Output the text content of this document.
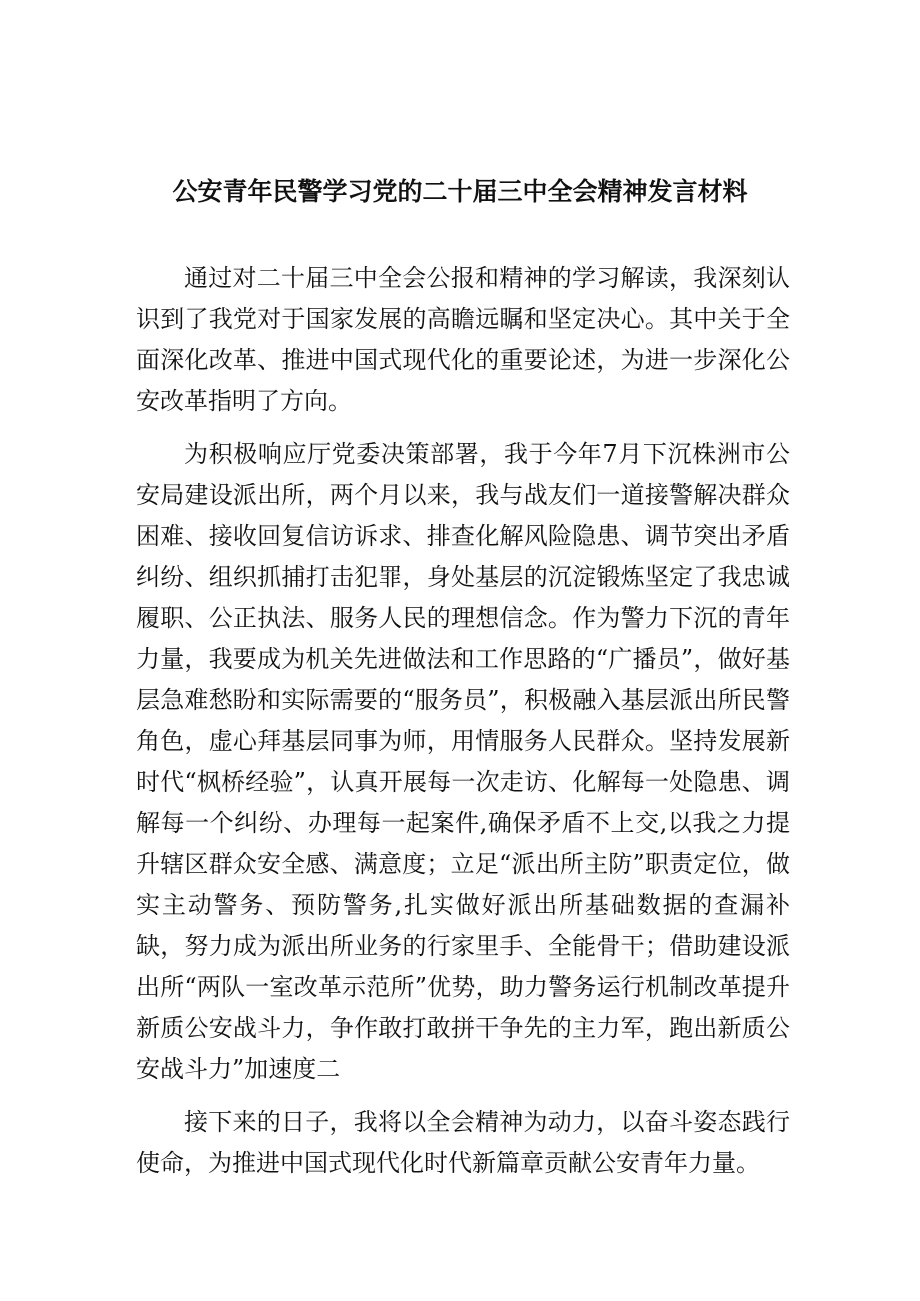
公安青年民警学习党的二十届三中全会精神发言材料

通过对二十届三中全会公报和精神的学习解读，我深刻认识到了我党对于国家发展的高瞻远瞩和坚定决心。其中关于全面深化改革、推进中国式现代化的重要论述，为进一步深化公安改革指明了方向。

为积极响应厅党委决策部署，我于今年7月下沉株洲市公安局建设派出所，两个月以来，我与战友们一道接警解决群众困难、接收回复信访诉求、排查化解风险隐患、调节突出矛盾纠纷、组织抓捕打击犯罪，身处基层的沉淀锻炼坚定了我忠诚履职、公正执法、服务人民的理想信念。作为警力下沉的青年力量，我要成为机关先进做法和工作思路的“广播员”，做好基层急难愁盼和实际需要的“服务员”，积极融入基层派出所民警角色，虚心拜基层同事为师，用情服务人民群众。坚持发展新时代“枫桥经验”，认真开展每一次走访、化解每一处隐患、调解每一个纠纷、办理每一起案件,确保矛盾不上交,以我之力提升辖区群众安全感、满意度；立足“派出所主防”职责定位，做实主动警务、预防警务,扎实做好派出所基础数据的查漏补缺，努力成为派出所业务的行家里手、全能骨干；借助建设派出所“两队一室改革示范所”优势，助力警务运行机制改革提升新质公安战斗力，争作敢打敢拼干争先的主力军，跑出新质公安战斗力”加速度二

接下来的日子，我将以全会精神为动力，以奋斗姿态践行使命，为推进中国式现代化时代新篇章贡献公安青年力量。
